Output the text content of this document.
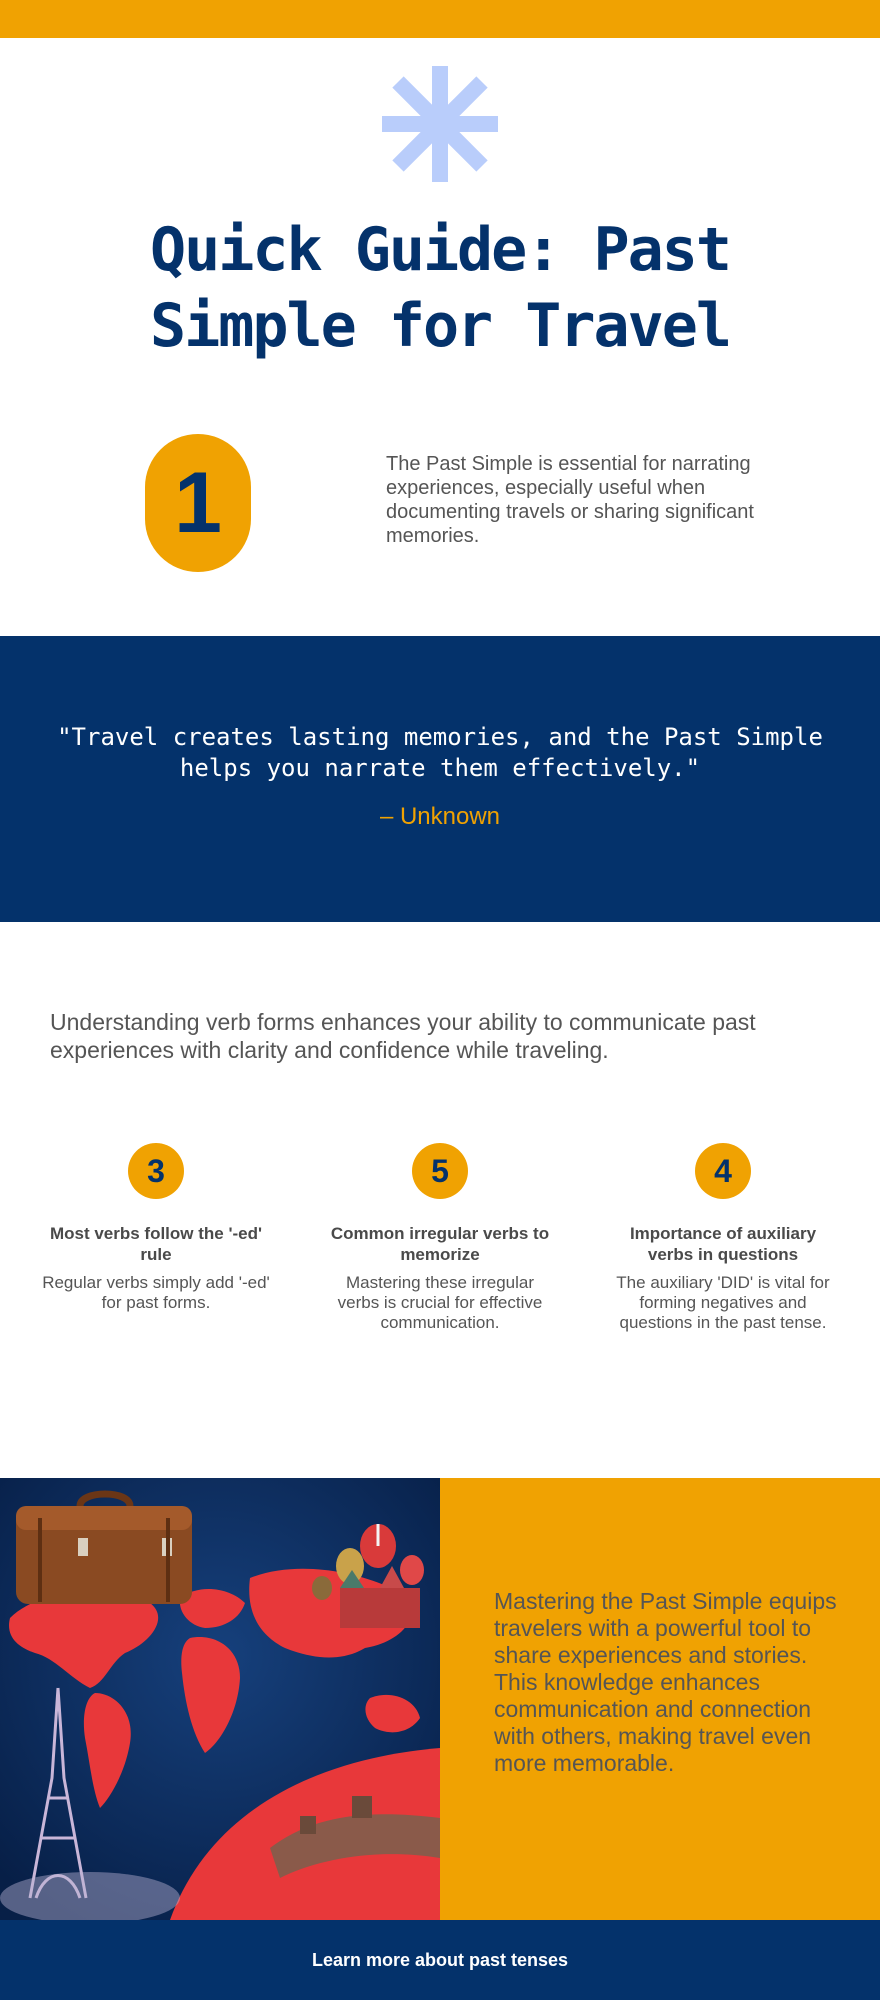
Quick Guide: Past Simple for Travel
1	The Past Simple is essential for narrating experiences, especially useful when documenting travels or sharing significant memories.

"Travel creates lasting memories, and the Past Simple helps you narrate them effectively."

– Unknown

Understanding verb forms enhances your ability to communicate past experiences with clarity and confidence while traveling.

3
Most verbs follow the '-ed' rule
Regular verbs simply add '-ed' for past forms.
5
Common irregular verbs to memorize
Mastering these irregular verbs is crucial for effective communication.
4
Importance of auxiliary verbs in questions
The auxiliary 'DID' is vital for forming negatives and questions in the past tense.

Mastering the Past Simple equips travelers with a powerful tool to share experiences and stories. This knowledge enhances communication and connection with others, making travel even more memorable.

Learn more about past tenses
